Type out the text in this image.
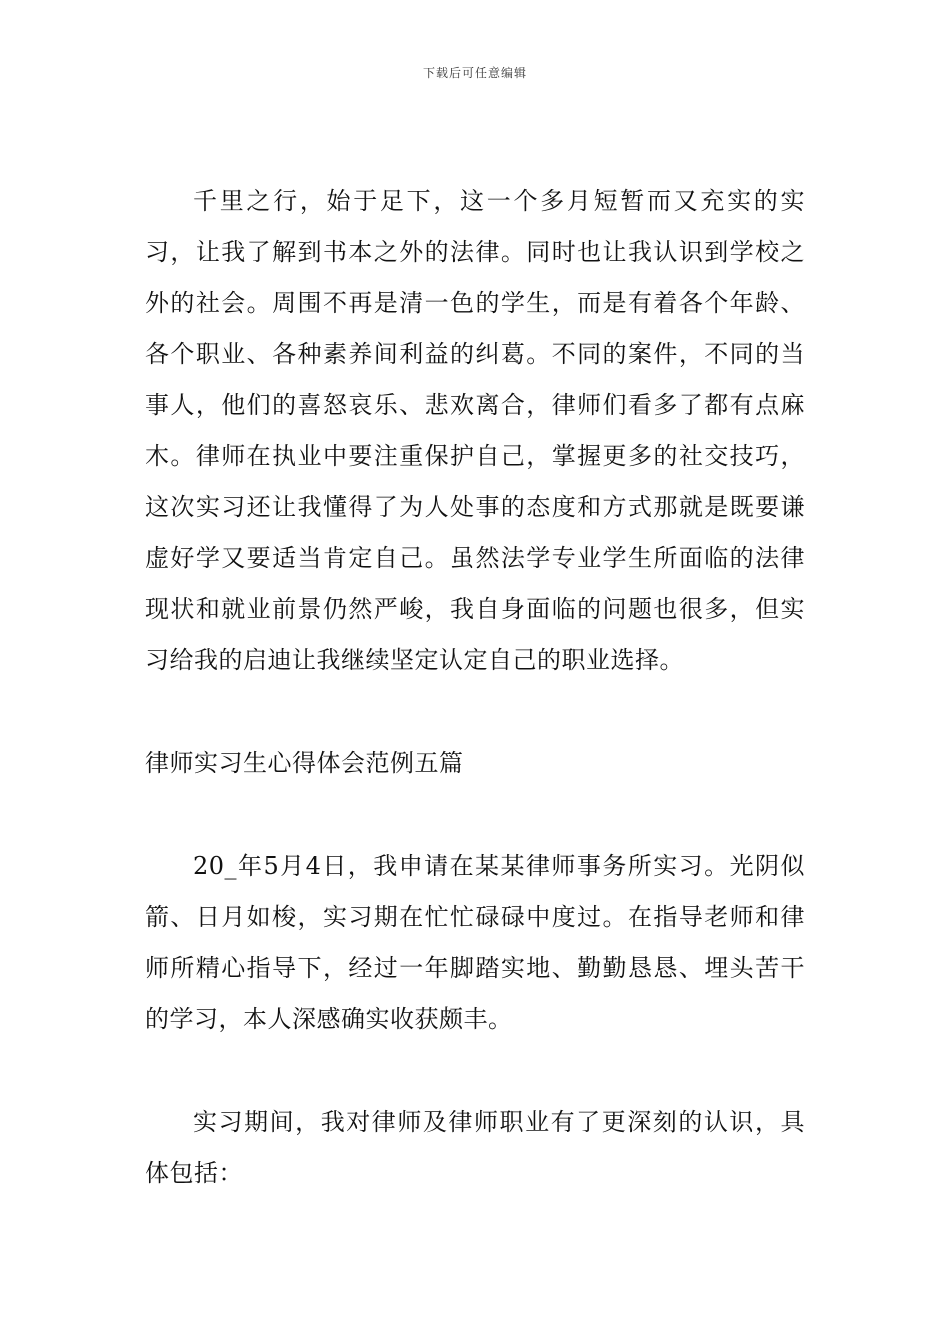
下载后可任意编辑

千里之行，始于足下，这一个多月短暂而又充实的实习，让我了解到书本之外的法律。同时也让我认识到学校之外的社会。周围不再是清一色的学生，而是有着各个年龄、各个职业、各种素养间利益的纠葛。不同的案件，不同的当事人，他们的喜怒哀乐、悲欢离合，律师们看多了都有点麻木。律师在执业中要注重保护自己，掌握更多的社交技巧，这次实习还让我懂得了为人处事的态度和方式那就是既要谦虚好学又要适当肯定自己。虽然法学专业学生所面临的法律现状和就业前景仍然严峻，我自身面临的问题也很多，但实习给我的启迪让我继续坚定认定自己的职业选择。

律师实习生心得体会范例五篇

20_年5月4日，我申请在某某律师事务所实习。光阴似箭、日月如梭，实习期在忙忙碌碌中度过。在指导老师和律师所精心指导下，经过一年脚踏实地、勤勤恳恳、埋头苦干的学习，本人深感确实收获颇丰。

实习期间，我对律师及律师职业有了更深刻的认识，具体包括：
